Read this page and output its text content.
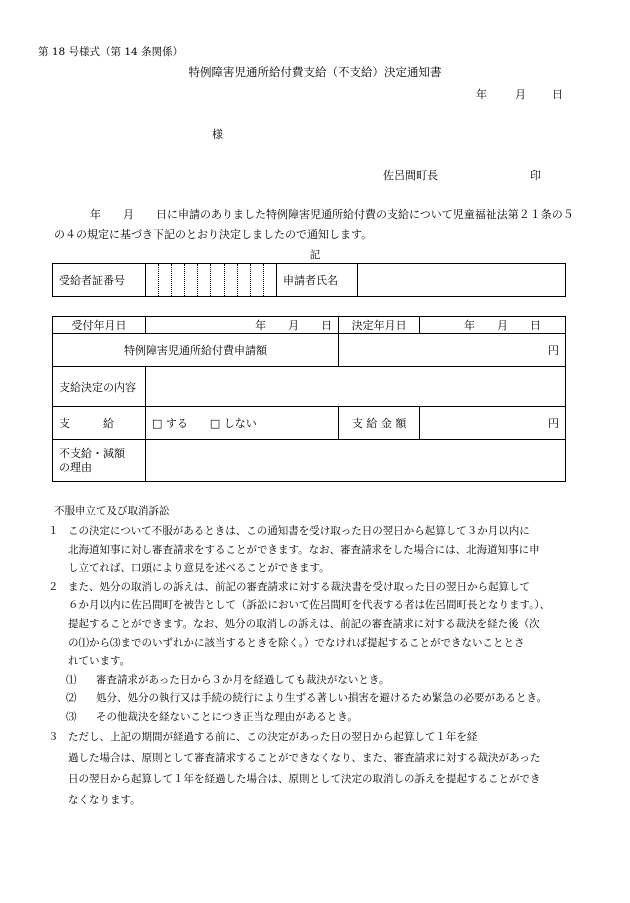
第 18 号様式（第 14 条関係）
特例障害児通所給付費支給（不支給）決定通知書
年	月 日
様
佐呂間町長	印
年 月 日に申請のありました特例障害児通所給付費の支給について児童福祉法第２１条の５の４の規定に基づき下記のとおり決定しましたので通知します。
記
受給者証番号		申請者氏名	
受付年月日	年　　月　　日	決定年月日	年　　月　　日
特例障害児通所給付費申請額		円	
支給決定の内容			
支　　　給	□ する □ しない	支 給 金 額	円

不支給・減額
の理由			

不服申立て及び取消訴訟

１ この決定について不服があるときは、この通知書を受け取った日の翌日から起算して３か月以内に

北海道知事に対し審査請求をすることができます。なお、審査請求をした場合には、北海道知事に申

し立てれば、口頭により意見を述べることができます。

２ また、処分の取消しの訴えは、前記の審査請求に対する裁決書を受け取った日の翌日から起算して

６か月以内に佐呂間町を被告として（訴訟において佐呂間町を代表する者は佐呂間町長となります。）、

提起することができます。なお、処分の取消しの訴えは、前記の審査請求に対する裁決を経た後（次

の⑴から⑶までのいずれかに該当するときを除く。）でなければ提起することができないこととさ

れています。

⑴ 審査請求があった日から３か月を経過しても裁決がないとき。

⑵ 処分、処分の執行又は手続の続行により生ずる著しい損害を避けるため緊急の必要があるとき。

⑶ その他裁決を経ないことにつき正当な理由があるとき。

３ ただし、上記の期間が経過する前に、この決定があった日の翌日から起算して１年を経

過した場合は、原則として審査請求することができなくなり、また、審査請求に対する裁決があった

日の翌日から起算して１年を経過した場合は、原則として決定の取消しの訴えを提起することができ

なくなります。
